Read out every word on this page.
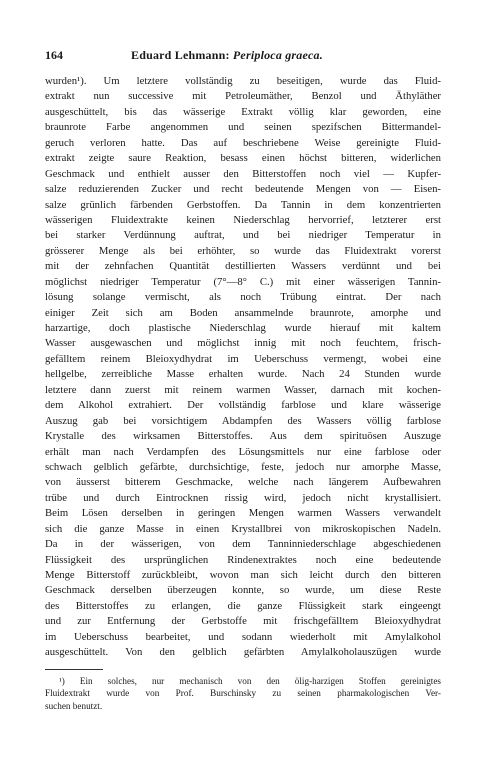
164	Eduard Lehmann: Periploca graeca.
wurden¹). Um letztere vollständig zu beseitigen, wurde das Fluid-
extrakt nun successive mit Petroleumäther, Benzol und Äthyläther
ausgeschüttelt, bis das wässerige Extrakt völlig klar geworden, eine
braunrote Farbe angenommen und seinen spezifschen Bittermandel-
geruch verloren hatte. Das auf beschriebene Weise gereinigte Fluid-
extrakt zeigte saure Reaktion, besass einen höchst bitteren, widerlichen
Geschmack und enthielt ausser den Bitterstoffen noch viel — Kupfer-
salze reduzierenden Zucker und recht bedeutende Mengen von — Eisen-
salze grünlich färbenden Gerbstoffen. Da Tannin in dem konzentrierten
wässerigen Fluidextrakte keinen Niederschlag hervorrief, letzterer erst
bei starker Verdünnung auftrat, und bei niedriger Temperatur in
grösserer Menge als bei erhöhter, so wurde das Fluidextrakt vorerst
mit der zehnfachen Quantität destillierten Wassers verdünnt und bei
möglichst niedriger Temperatur (7°—8° C.) mit einer wässerigen Tannin-
lösung solange vermischt, als noch Trübung eintrat. Der nach
einiger Zeit sich am Boden ansammelnde braunrote, amorphe und
harzartige, doch plastische Niederschlag wurde hierauf mit kaltem
Wasser ausgewaschen und möglichst innig mit noch feuchtem, frisch-
gefälltem reinem Bleioxydhydrat im Ueberschuss vermengt, wobei eine
hellgelbe, zerreibliche Masse erhalten wurde. Nach 24 Stunden wurde
letztere dann zuerst mit reinem warmen Wasser, darnach mit kochen-
dem Alkohol extrahiert. Der vollständig farblose und klare wässerige
Auszug gab bei vorsichtigem Abdampfen des Wassers völlig farblose
Krystalle des wirksamen Bitterstoffes. Aus dem spirituösen Auszuge
erhält man nach Verdampfen des Lösungsmittels nur eine farblose oder
schwach gelblich gefärbte, durchsichtige, feste, jedoch nur amorphe Masse,
von äusserst bitterem Geschmacke, welche nach längerem Aufbewahren
trübe und durch Eintrocknen rissig wird, jedoch nicht krystallisiert.
Beim Lösen derselben in geringen Mengen warmen Wassers verwandelt
sich die ganze Masse in einen Krystallbrei von mikroskopischen Nadeln.
Da in der wässerigen, von dem Tanninniederschlage abgeschiedenen
Flüssigkeit des ursprünglichen Rindenextraktes noch eine bedeutende
Menge Bitterstoff zurückbleibt, wovon man sich leicht durch den bitteren
Geschmack derselben überzeugen konnte, so wurde, um diese Reste
des Bitterstoffes zu erlangen, die ganze Flüssigkeit stark eingeengt
und zur Entfernung der Gerbstoffe mit frischgefälltem Bleioxydhydrat
im Ueberschuss bearbeitet, und sodann wiederholt mit Amylalkohol
ausgeschüttelt. Von den gelblich gefärbten Amylalkoholauszügen wurde
¹) Ein solches, nur mechanisch von den ölig-harzigen Stoffen gereinigtes
Fluidextrakt wurde von Prof. Burschinsky zu seinen pharmakologischen Ver-
suchen benutzt.
